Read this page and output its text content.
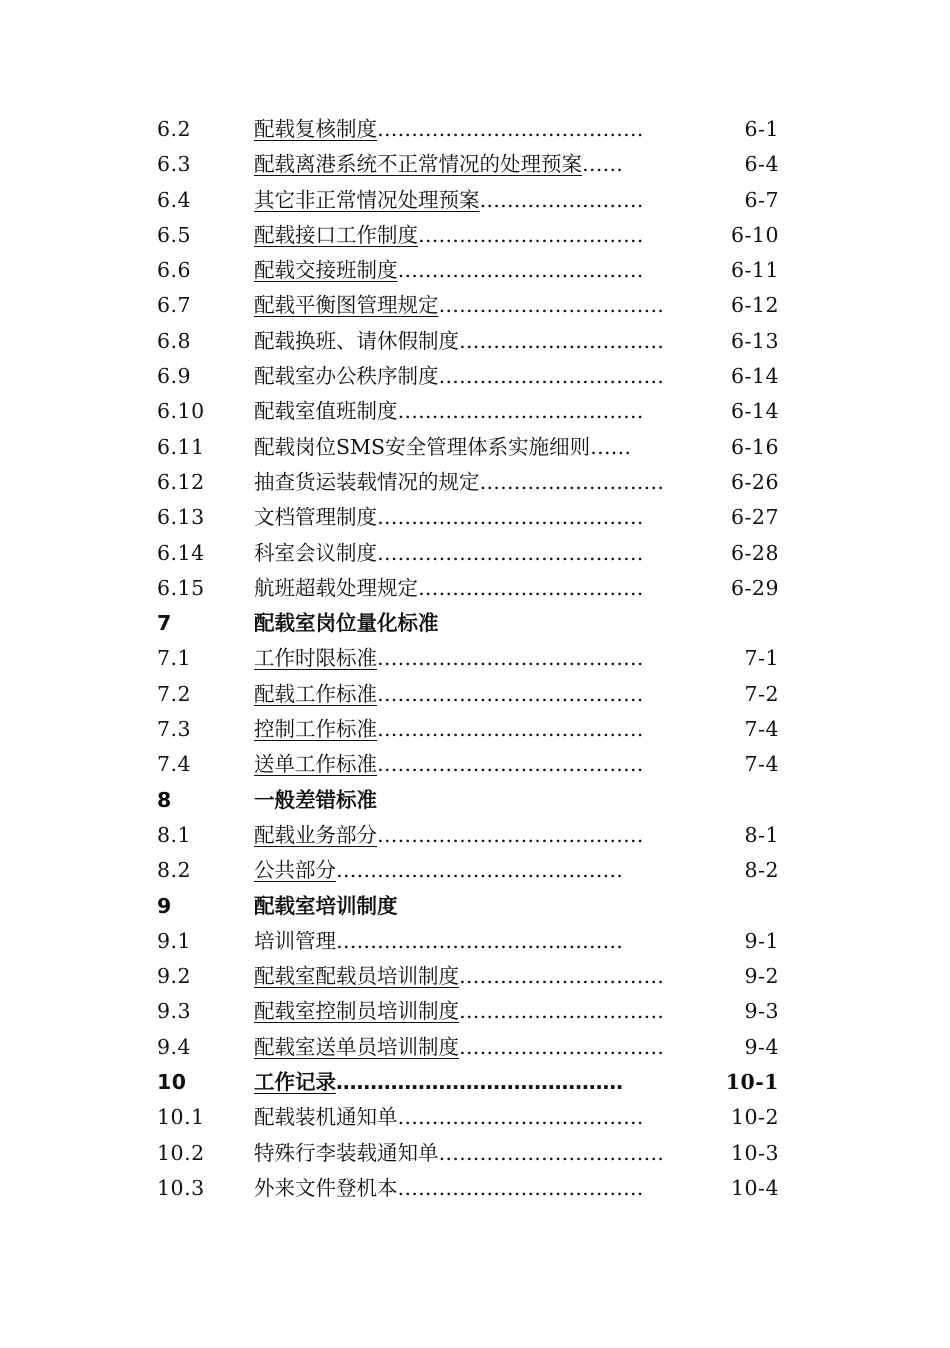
6.2	配载复核制度…………………………………	6-1
6.3	配载离港系统不正常情况的处理预案……	6-4
6.4	其它非正常情况处理预案……………………	6-7
6.5	配载接口工作制度……………………………	6-10
6.6	配载交接班制度………………………………	6-11
6.7	配载平衡图管理规定……………………………	6-12
6.8	配载换班、请休假制度…………………………	6-13
6.9	配载室办公秩序制度……………………………	6-14
6.10 配载室值班制度………………………………	6-14
6.11 配载岗位SMS安全管理体系实施细则……	6-16
6.12 抽查货运装载情况的规定………………………	6-26
6.13 文档管理制度…………………………………	6-27
6.14 科室会议制度…………………………………	6-28
6.15 航班超载处理规定……………………………	6-29
7	配载室岗位量化标准
7.1	工作时限标准…………………………………	7-1
7.2	配载工作标准…………………………………	7-2
7.3	控制工作标准…………………………………	7-4
7.4	送单工作标准…………………………………	7-4
8	一般差错标准
8.1	配载业务部分…………………………………	8-1
8.2	公共部分……………………………………	8-2
9	配载室培训制度
9.1	培训管理……………………………………	9-1
9.2	配载室配载员培训制度…………………………	9-2
9.3	配载室控制员培训制度…………………………	9-3
9.4	配载室送单员培训制度…………………………	9-4
10	工作记录……………………………………	10-1
10.1 配载装机通知单………………………………	10-2
10.2 特殊行李装载通知单……………………………	10-3
10.3 外来文件登机本………………………………	10-4
